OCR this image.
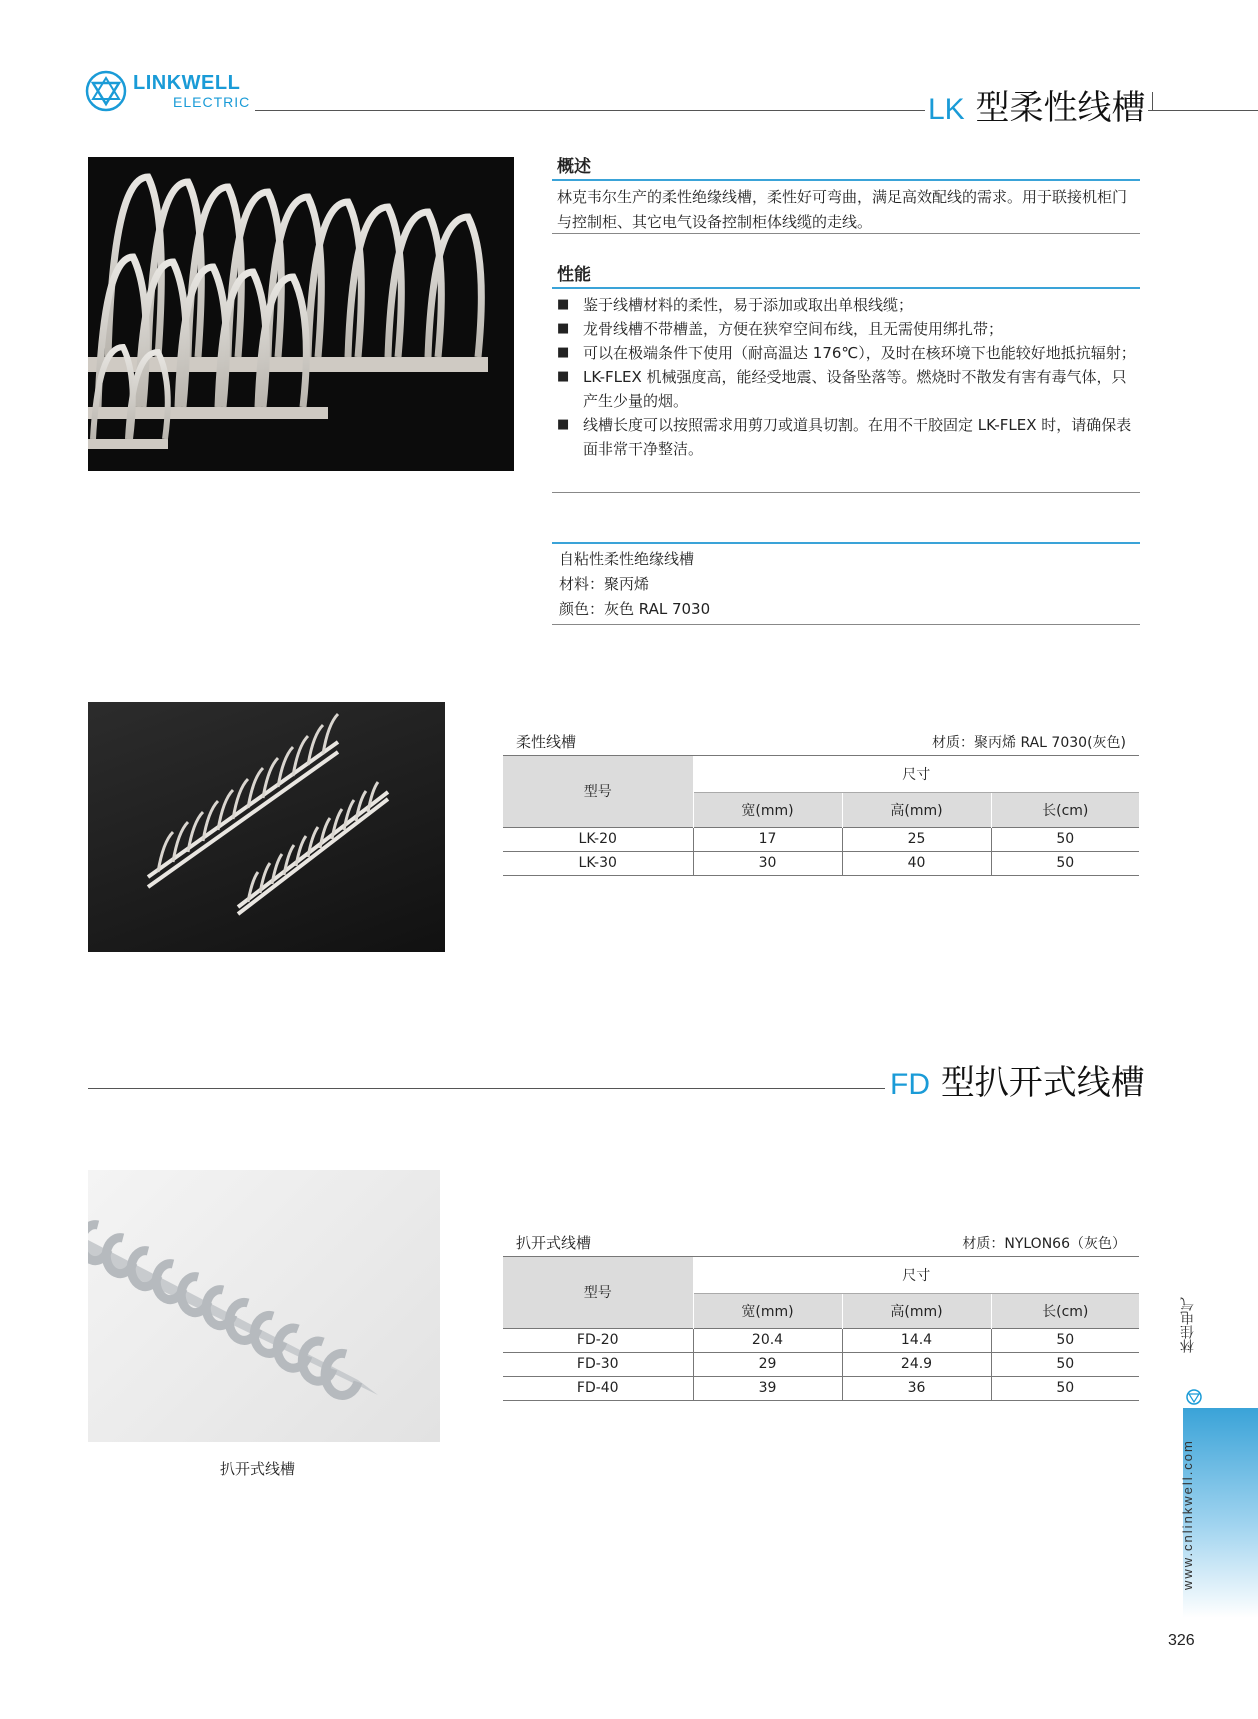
LINKWELL
ELECTRIC	LK 型柔性线槽
概述
林克韦尔生产的柔性绝缘线槽，柔性好可弯曲，满足高效配线的需求。用于联接机柜门与控制柜、其它电气设备控制柜体线缆的走线。
性能
■ 鉴于线槽材料的柔性，易于添加或取出单根线缆；
■ 龙骨线槽不带槽盖，方便在狭窄空间布线，且无需使用绑扎带；
■ 可以在极端条件下使用（耐高温达 176℃），及时在核环境下也能较好地抵抗辐射；
■ LK-FLEX 机械强度高，能经受地震、设备坠落等。燃烧时不散发有害有毒气体，只产生少量的烟。
■ 线槽长度可以按照需求用剪刀或道具切割。在用不干胶固定 LK-FLEX 时，请确保表面非常干净整洁。
自粘性柔性绝缘线槽
材料：聚丙烯
颜色：灰色 RAL 7030
柔性线槽	材质：聚丙烯 RAL 7030(灰色)
型号	尺寸		
	宽(mm)	高(mm)	长(cm)
LK-20	17	25	50
LK-30	30	40	50
FD 型扒开式线槽
扒开式线槽
扒开式线槽	材质：NYLON66（灰色）
型号	尺寸		
	宽(mm)	高(mm)	长(cm)
FD-20	20.4	14.4	50
FD-30	29	24.9	50
FD-40	39	36	50
林佳电气
www.cnlinkwell.com
326
